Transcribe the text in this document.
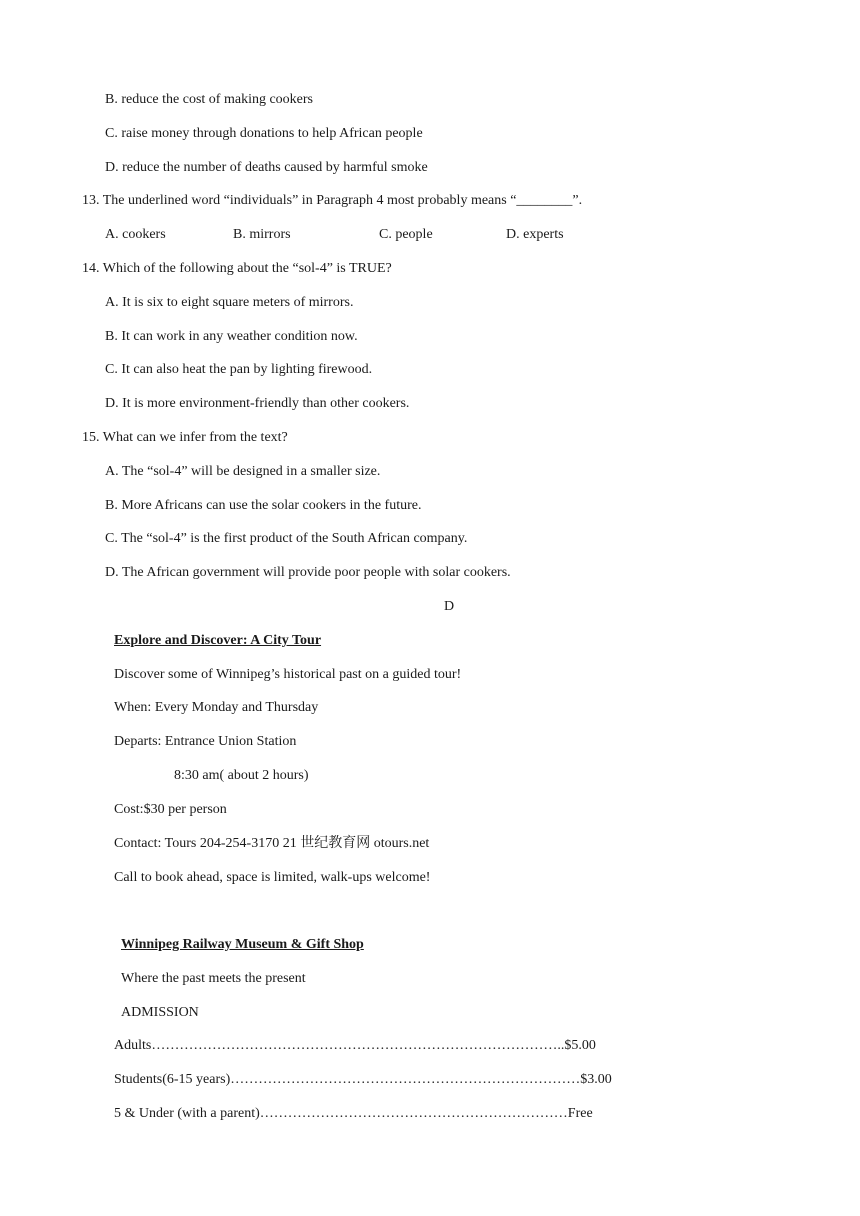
B. reduce the cost of making cookers
C. raise money through donations to help African people
D. reduce the number of deaths caused by harmful smoke
13. The underlined word “individuals” in Paragraph 4 most probably means “________”.
A. cookers	B. mirrors	C. people	D. experts
14. Which of the following about the “sol-4” is TRUE?
A. It is six to eight square meters of mirrors.
B. It can work in any weather condition now.
C. It can also heat the pan by lighting firewood.
D. It is more environment-friendly than other cookers.
15. What can we infer from the text?
A. The “sol-4” will be designed in a smaller size.
B. More Africans can use the solar cookers in the future.
C. The “sol-4” is the first product of the South African company.
D. The African government will provide poor people with solar cookers.
D
Explore and Discover: A City Tour
Discover some of Winnipeg’s historical past on a guided tour!
When: Every Monday and Thursday
Departs: Entrance Union Station
8:30 am( about 2 hours)
Cost:$30 per person
Contact: Tours 204-254-3170 21 世纪教育网 otours.net
Call to book ahead, space is limited, walk-ups welcome!
Winnipeg Railway Museum & Gift Shop
Where the past meets the present
ADMISSION
Adults……………………………………………………………………………..$5.00
Students(6-15 years)…………………………………………………………………$3.00
5 & Under (with a parent)…………………………………………………………Free
